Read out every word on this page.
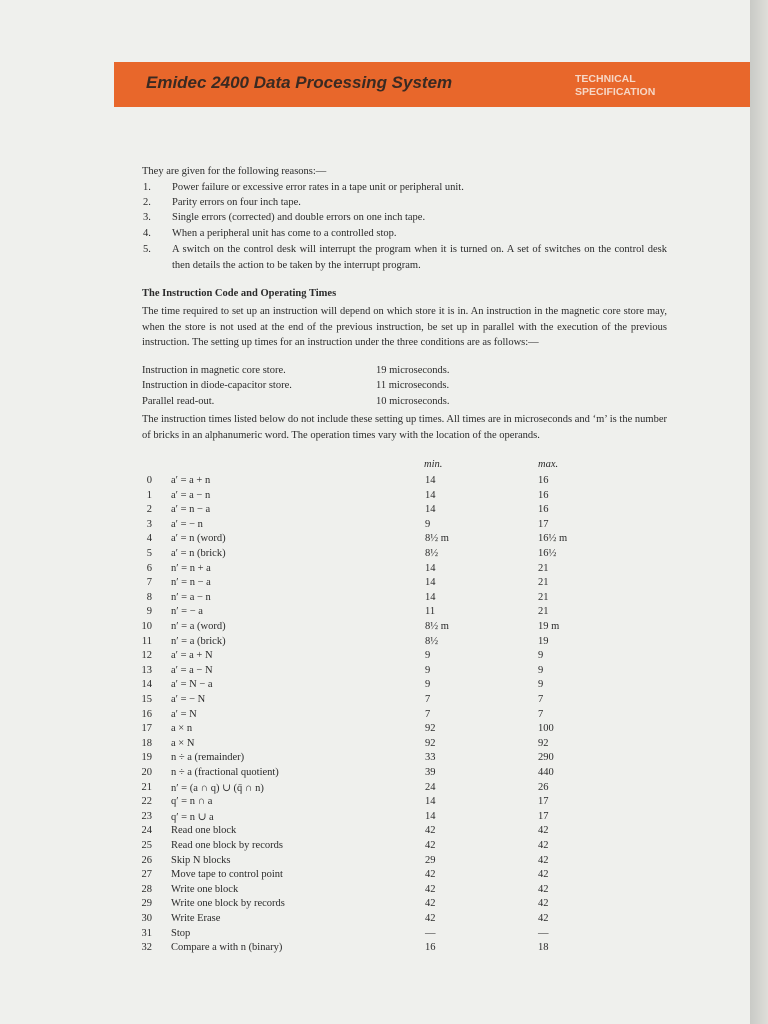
Emidec 2400 Data Processing System	TECHNICAL
SPECIFICATION
They are given for the following reasons:—
1. Power failure or excessive error rates in a tape unit or peripheral unit.
2. Parity errors on four inch tape.
3. Single errors (corrected) and double errors on one inch tape.
4. When a peripheral unit has come to a controlled stop.
5. A switch on the control desk will interrupt the program when it is turned on. A set of switches on the control desk then details the action to be taken by the interrupt program.
The Instruction Code and Operating Times
The time required to set up an instruction will depend on which store it is in. An instruction in the magnetic core store may, when the store is not used at the end of the previous instruction, be set up in parallel with the execution of the previous instruction. The setting up times for an instruction under the three conditions are as follows:—
Instruction in magnetic core store.	19 microseconds.
Instruction in diode-capacitor store.	11 microseconds.
Parallel read-out.	10 microseconds.
The instruction times listed below do not include these setting up times. All times are in microseconds and ‘m’ is the number of bricks in an alphanumeric word. The operation times vary with the location of the operands.
min.	max.
0 a′ = a + n	14	16
1 a′ = a − n	14	16
2 a′ = n − a	14	16
3 a′ = − n	9	17
4 a′ = n (word)	8½ m	16½ m
5 a′ = n (brick)	8½	16½
6 n′ = n + a	14	21
7 n′ = n − a	14	21
8 n′ = a − n	14	21
9 n′ = − a	11	21
10 n′ = a (word)	8½ m	19 m
11 n′ = a (brick)	8½	19
12 a′ = a + N	9	9
13 a′ = a − N	9	9
14 a′ = N − a	9	9
15 a′ = − N	7	7
16 a′ = N	7	7
17 a × n	92	100
18 a × N	92	92
19 n ÷ a (remainder)	33	290
20 n ÷ a (fractional quotient)	39	440
21 n′ = (a ∩ q) ∪ (q̄ ∩ n)	24	26
22 q′ = n ∩ a	14	17
23 q′ = n ∪ a	14	17
24 Read one block	42	42
25 Read one block by records	42	42
26 Skip N blocks	29	42
27 Move tape to control point	42	42
28 Write one block	42	42
29 Write one block by records	42	42
30 Write Erase	42	42
31 Stop	—	—
32 Compare a with n (binary)	16	18
